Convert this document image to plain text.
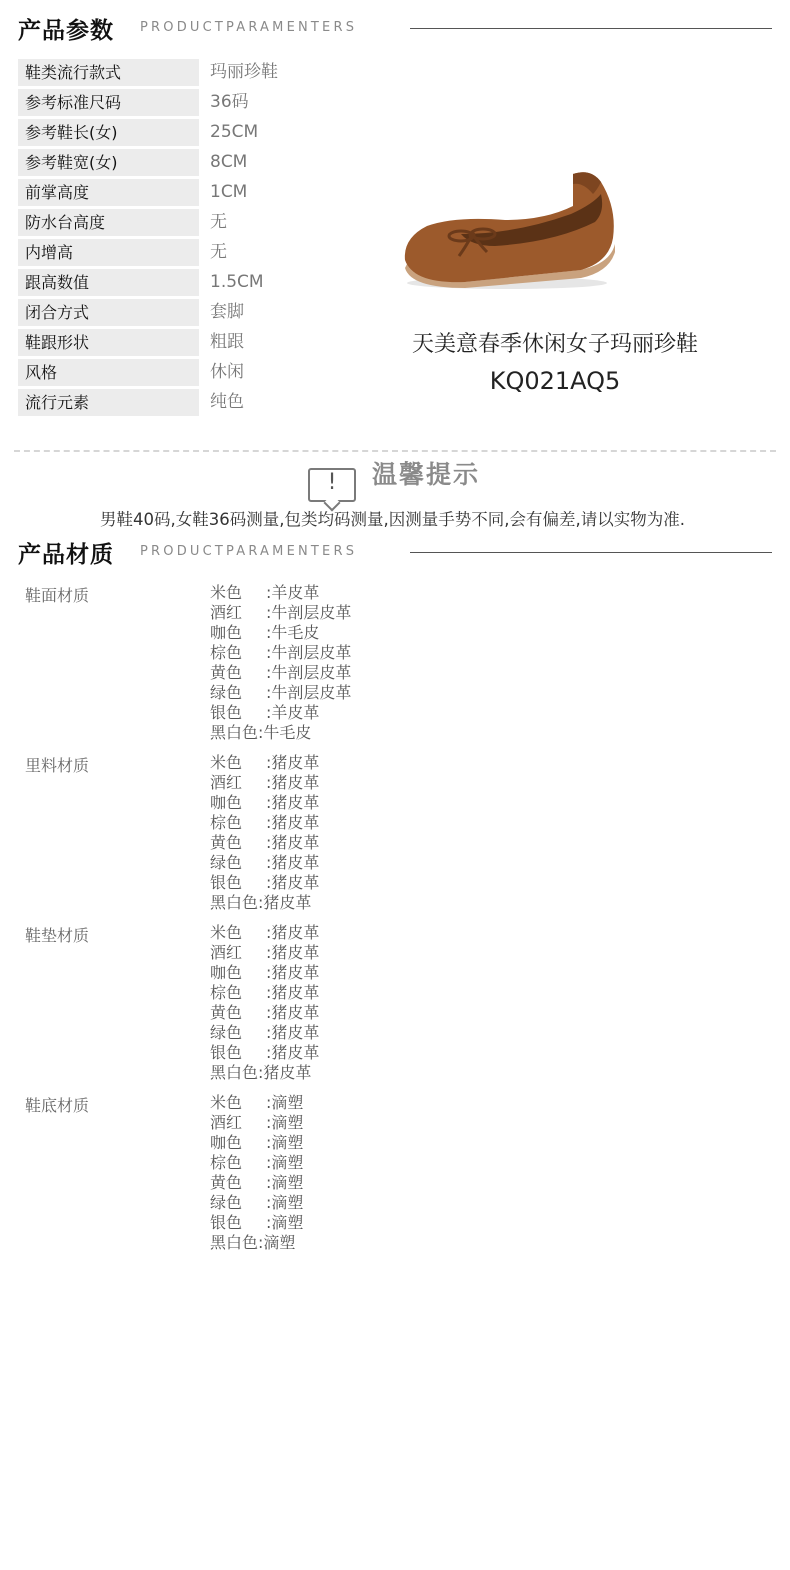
产品参数 PRODUCTPARAMENTERS
鞋类流行款式	玛丽珍鞋
参考标准尺码	36码
参考鞋长(女)	25CM
参考鞋宽(女)	8CM
前掌高度	1CM
防水台高度	无
内增高	无
跟高数值	1.5CM
闭合方式	套脚
鞋跟形状	粗跟
风格	休闲
流行元素	纯色
天美意春季休闲女子玛丽珍鞋
KQ021AQ5
!	温馨提示
男鞋40码,女鞋36码测量,包类均码测量,因测量手势不同,会有偏差,请以实物为准.
产品材质 PRODUCTPARAMENTERS
鞋面材质	米色 :羊皮革
酒红 :牛剖层皮革
咖色 :牛毛皮
棕色 :牛剖层皮革
黄色 :牛剖层皮革
绿色 :牛剖层皮革
银色 :羊皮革
黑白色:牛毛皮
里料材质	米色 :猪皮革
酒红 :猪皮革
咖色 :猪皮革
棕色 :猪皮革
黄色 :猪皮革
绿色 :猪皮革
银色 :猪皮革
黑白色:猪皮革
鞋垫材质	米色 :猪皮革
酒红 :猪皮革
咖色 :猪皮革
棕色 :猪皮革
黄色 :猪皮革
绿色 :猪皮革
银色 :猪皮革
黑白色:猪皮革
鞋底材质	米色 :滴塑
酒红 :滴塑
咖色 :滴塑
棕色 :滴塑
黄色 :滴塑
绿色 :滴塑
银色 :滴塑
黑白色:滴塑
